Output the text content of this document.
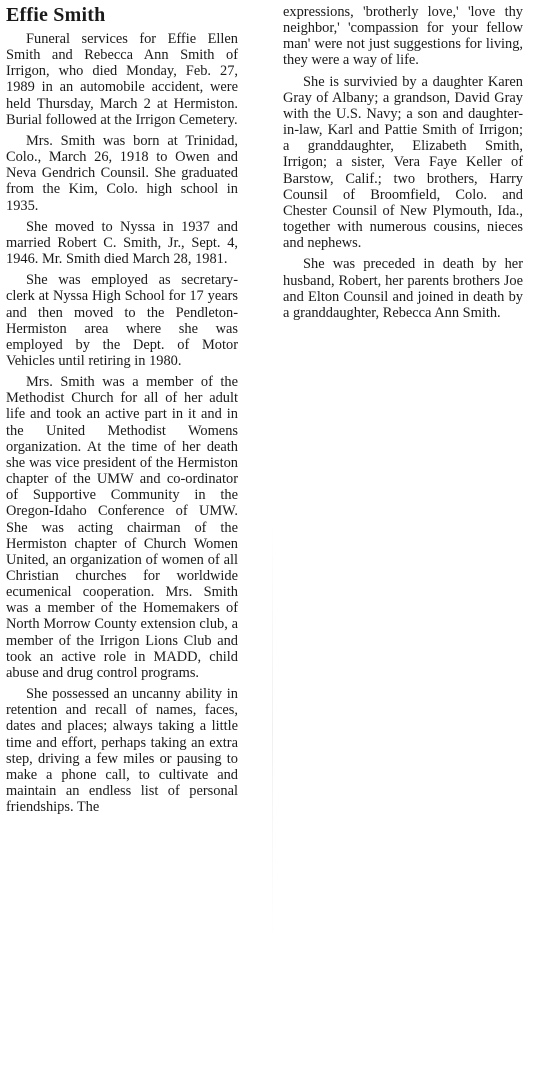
Effie Smith

Funeral services for Effie Ellen Smith and Rebecca Ann Smith of Irrigon, who died Monday, Feb. 27, 1989 in an automobile accident, were held Thursday, March 2 at Hermiston. Burial followed at the Irrigon Cemetery.

Mrs. Smith was born at Trinidad, Colo., March 26, 1918 to Owen and Neva Gendrich Counsil. She graduated from the Kim, Colo. high school in 1935.

She moved to Nyssa in 1937 and married Robert C. Smith, Jr., Sept. 4, 1946. Mr. Smith died March 28, 1981.

She was employed as secretary-clerk at Nyssa High School for 17 years and then moved to the Pendleton-Hermiston area where she was employed by the Dept. of Motor Vehicles until retiring in 1980.

Mrs. Smith was a member of the Methodist Church for all of her adult life and took an active part in it and in the United Methodist Womens organization. At the time of her death she was vice president of the Hermiston chapter of the UMW and co-ordinator of Supportive Community in the Oregon-Idaho Conference of UMW. She was acting chairman of the Hermiston chapter of Church Women United, an organization of women of all Christian churches for worldwide ecumenical cooperation. Mrs. Smith was a member of the Homemakers of North Morrow County extension club, a member of the Irrigon Lions Club and took an active role in MADD, child abuse and drug control programs.

She possessed an uncanny ability in retention and recall of names, faces, dates and places; always taking a little time and effort, perhaps taking an extra step, driving a few miles or pausing to make a phone call, to cultivate and maintain an endless list of personal friendships. The

expressions, 'brotherly love,' 'love thy neighbor,' 'compassion for your fellow man' were not just suggestions for living, they were a way of life.

She is survivied by a daughter Karen Gray of Albany; a grandson, David Gray with the U.S. Navy; a son and daughter-in-law, Karl and Pattie Smith of Irrigon; a granddaughter, Elizabeth Smith, Irrigon; a sister, Vera Faye Keller of Barstow, Calif.; two brothers, Harry Counsil of Broomfield, Colo. and Chester Counsil of New Plymouth, Ida., together with numerous cousins, nieces and nephews.

She was preceded in death by her husband, Robert, her parents brothers Joe and Elton Counsil and joined in death by a granddaughter, Rebecca Ann Smith.
